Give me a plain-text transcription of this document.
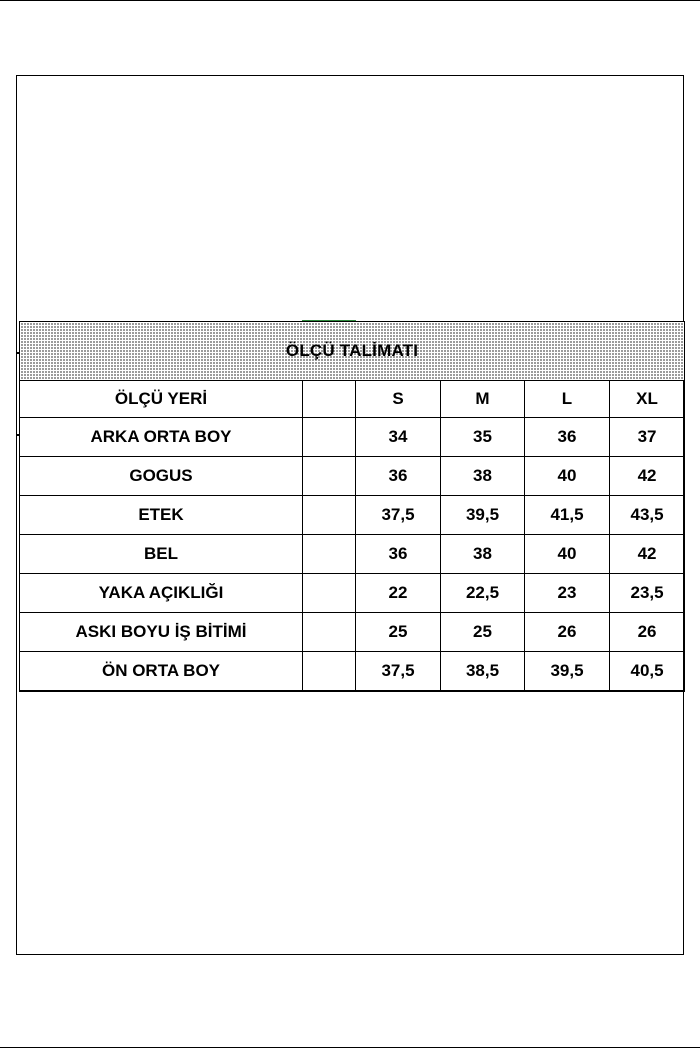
ÖLÇÜ TALİMATI					
ÖLÇÜ YERİ		S	M	L	XL
ARKA ORTA BOY		34	35	36	37
GOGUS		36	38	40	42
ETEK		37,5	39,5	41,5	43,5
BEL		36	38	40	42
YAKA AÇIKLIĞI		22	22,5	23	23,5
ASKI BOYU İŞ BİTİMİ		25	25	26	26
ÖN ORTA BOY		37,5	38,5	39,5	40,5
